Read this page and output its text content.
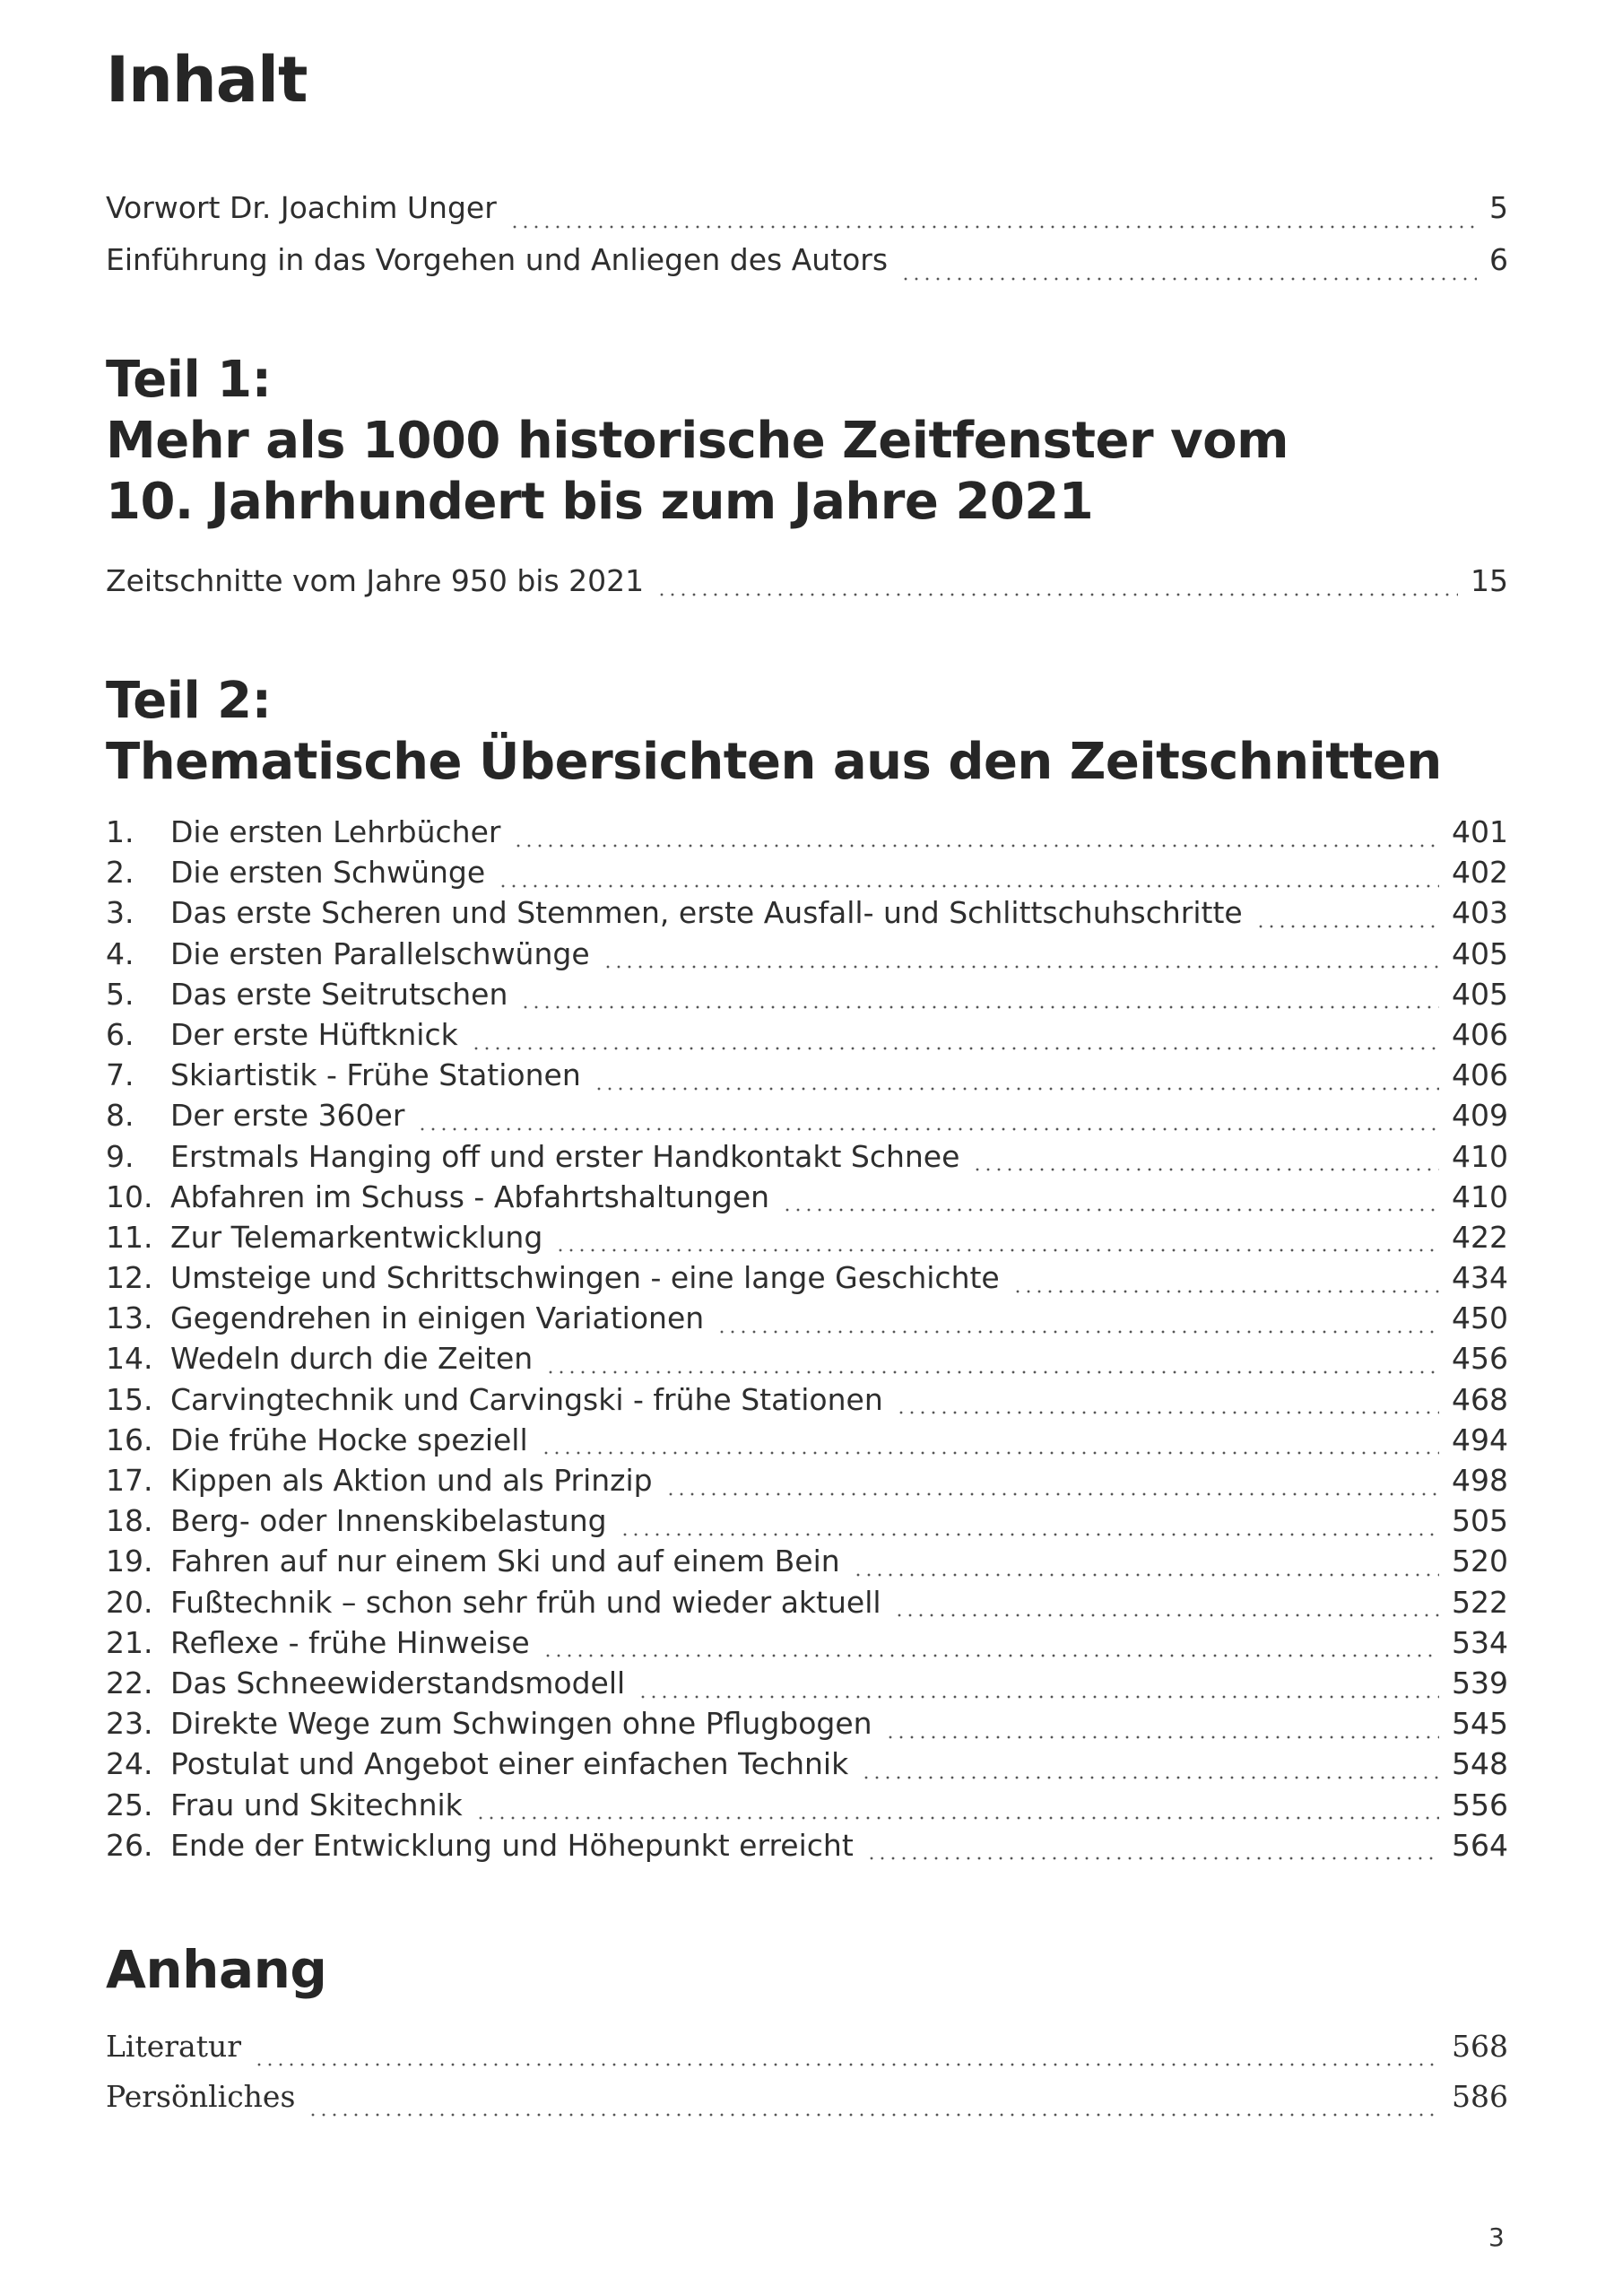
Inhalt
Vorwort Dr. Joachim Unger	5
Einführung in das Vorgehen und Anliegen des Autors	6
Teil 1:
Mehr als 1000 historische Zeitfenster vom
10. Jahrhundert bis zum Jahre 2021
Zeitschnitte vom Jahre 950 bis 2021	15
Teil 2:
Thematische Übersichten aus den Zeitschnitten
1.	Die ersten Lehrbücher	401
2.	Die ersten Schwünge	402
3.	Das erste Scheren und Stemmen, erste Ausfall- und Schlittschuhschritte	403
4.	Die ersten Parallelschwünge	405
5.	Das erste Seitrutschen	405
6.	Der erste Hüftknick	406
7.	Skiartistik - Frühe Stationen	406
8.	Der erste 360er	409
9.	Erstmals Hanging off und erster Handkontakt Schnee	410
10. Abfahren im Schuss - Abfahrtshaltungen	410
11. Zur Telemarkentwicklung	422
12. Umsteige und Schrittschwingen - eine lange Geschichte	434
13. Gegendrehen in einigen Variationen	450
14. Wedeln durch die Zeiten	456
15. Carvingtechnik und Carvingski - frühe Stationen	468
16. Die frühe Hocke speziell	494
17. Kippen als Aktion und als Prinzip	498
18. Berg- oder Innenskibelastung	505
19. Fahren auf nur einem Ski und auf einem Bein	520
20. Fußtechnik – schon sehr früh und wieder aktuell	522
21. Reflexe - frühe Hinweise	534
22. Das Schneewiderstandsmodell	539
23. Direkte Wege zum Schwingen ohne Pflugbogen	545
24. Postulat und Angebot einer einfachen Technik	548
25. Frau und Skitechnik	556
26. Ende der Entwicklung und Höhepunkt erreicht	564
Anhang
Literatur	568
Persönliches	586
3
